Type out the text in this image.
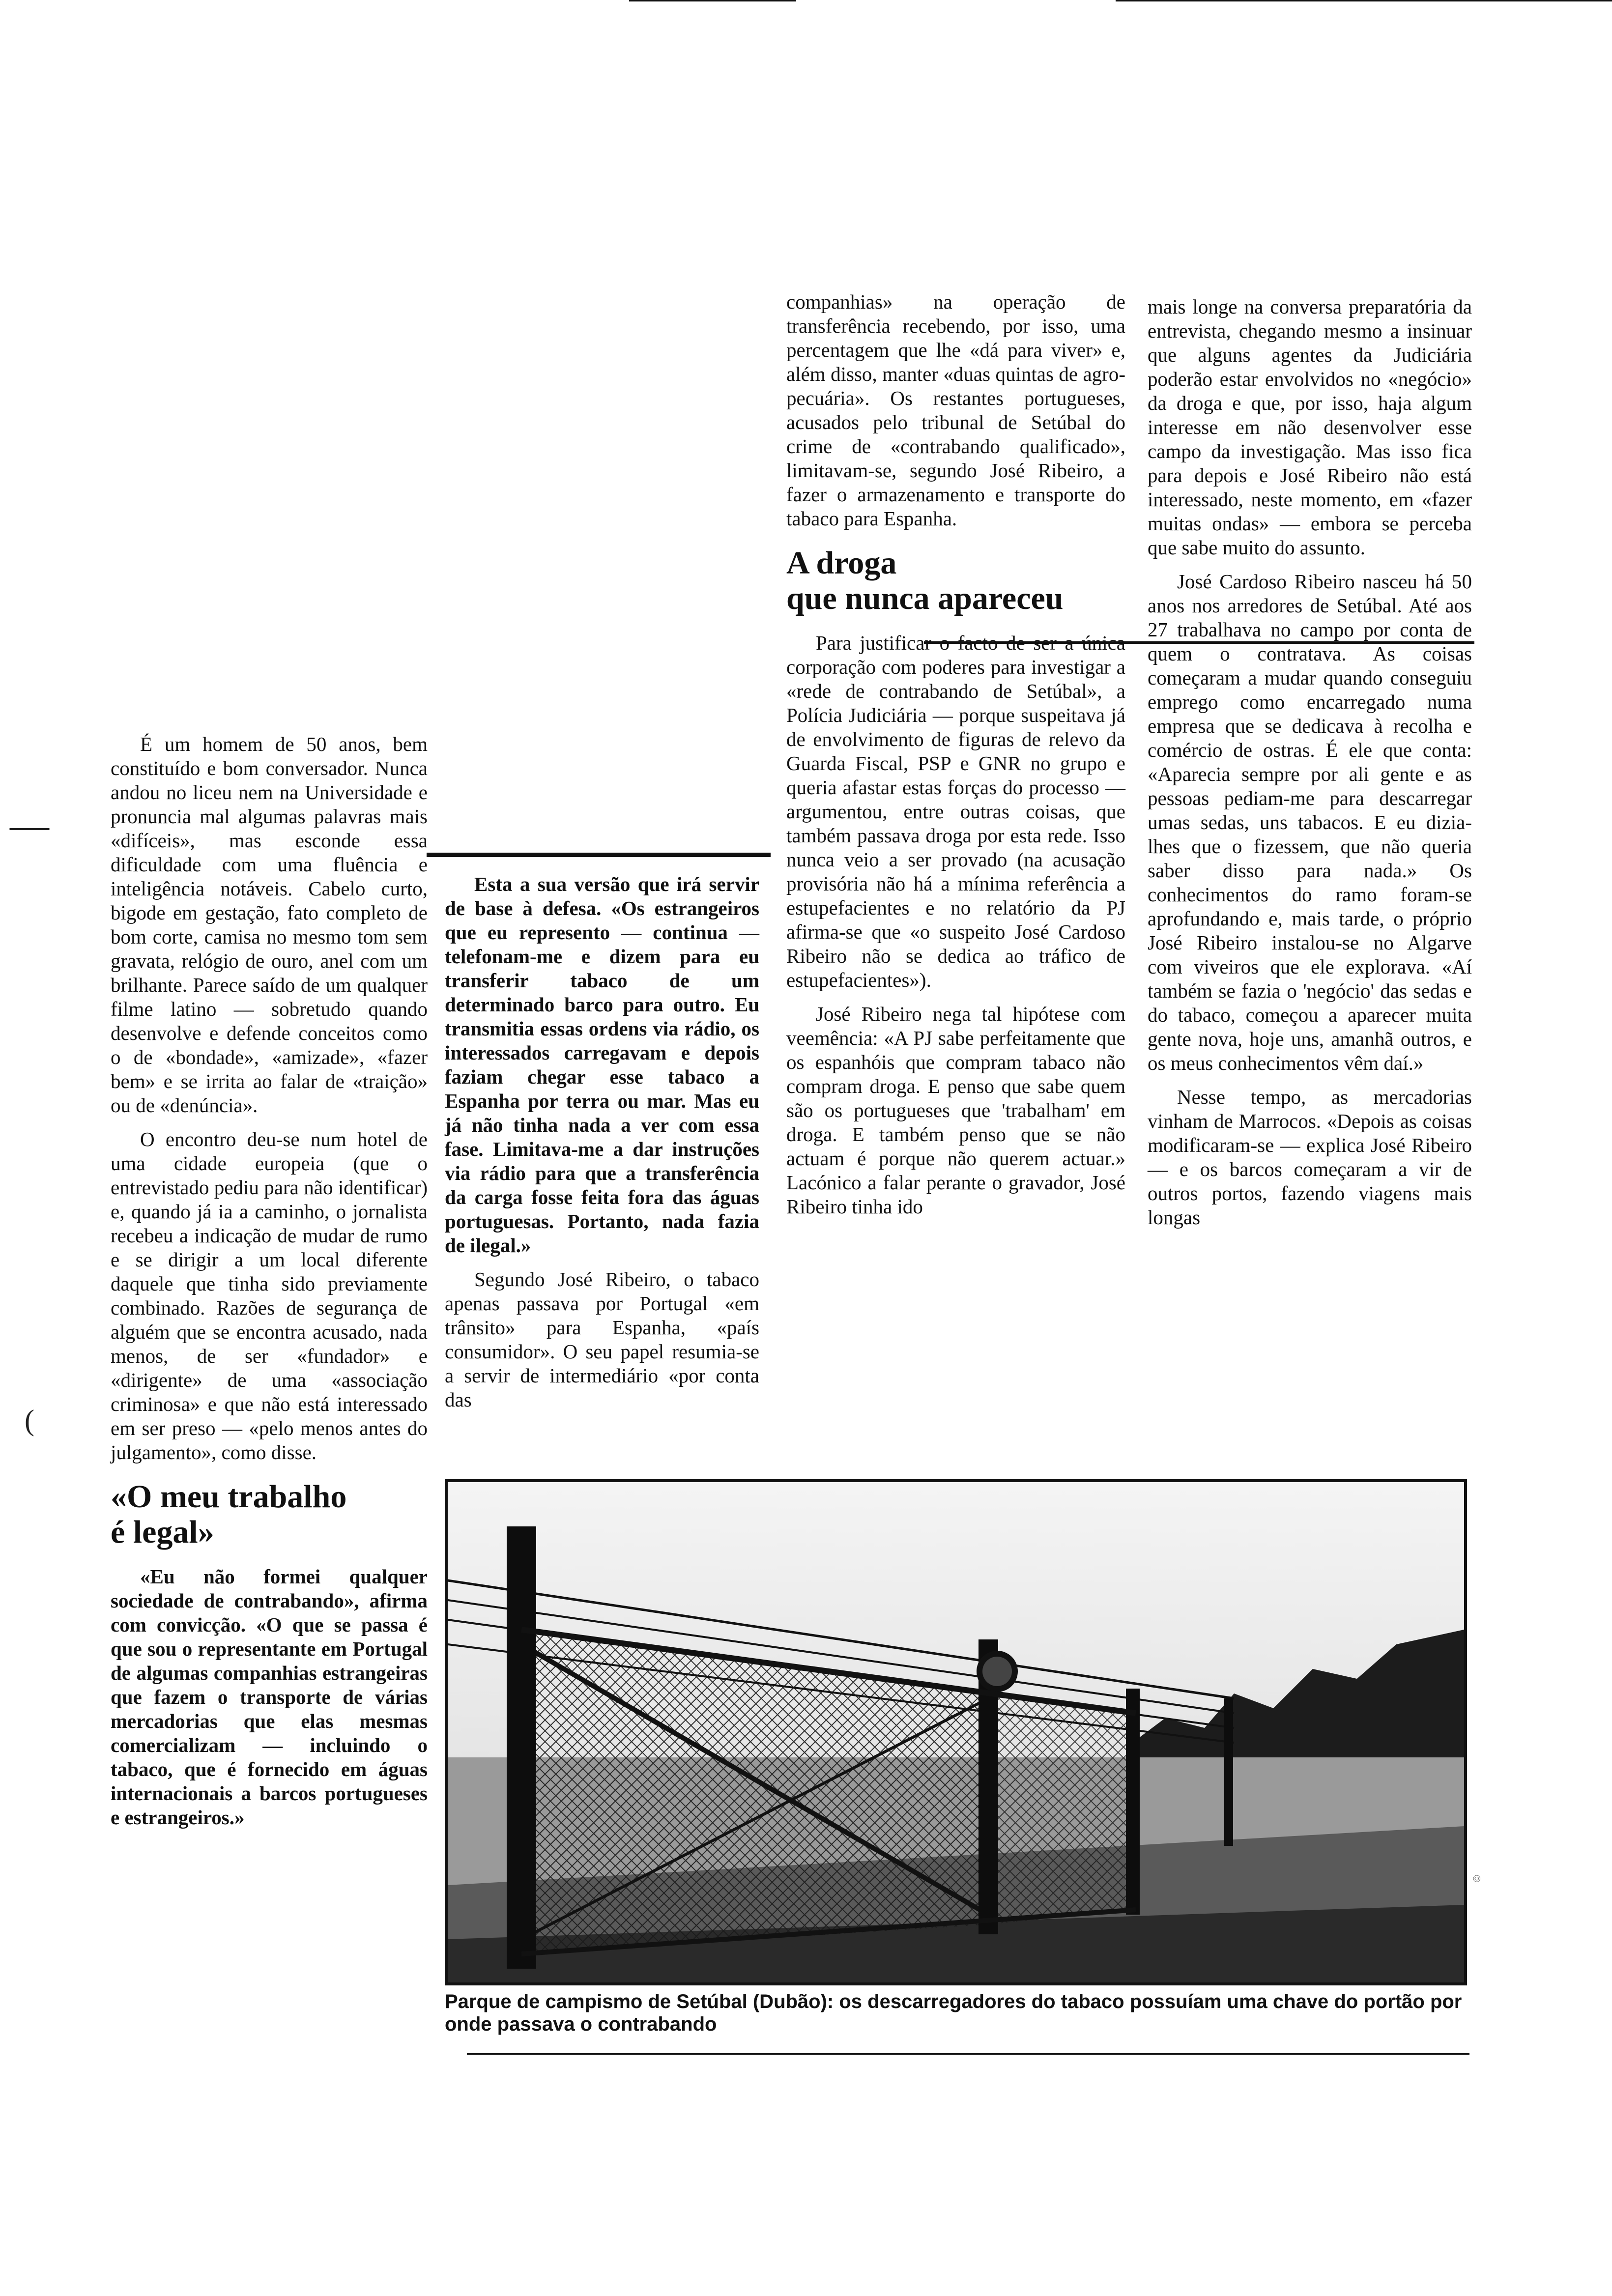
—
(

É um homem de 50 anos, bem constituído e bom conversador. Nunca andou no liceu nem na Universidade e pronuncia mal algumas palavras mais «difíceis», mas esconde essa dificuldade com uma fluência e inteligência notáveis. Cabelo curto, bigode em gestação, fato completo de bom corte, camisa no mesmo tom sem gravata, relógio de ouro, anel com um brilhante. Parece saído de um qualquer filme latino — sobretudo quando desenvolve e defende conceitos como o de «bondade», «amizade», «fazer bem» e se irrita ao falar de «traição» ou de «denúncia».

O encontro deu-se num hotel de uma cidade europeia (que o entrevistado pediu para não identificar) e, quando já ia a caminho, o jornalista recebeu a indicação de mudar de rumo e se dirigir a um local diferente daquele que tinha sido previamente combinado. Razões de segurança de alguém que se encontra acusado, nada menos, de ser «fundador» e «dirigente» de uma «associação criminosa» e que não está interessado em ser preso — «pelo menos antes do julgamento», como disse.

«O meu trabalho
é legal»

«Eu não formei qualquer sociedade de contrabando», afirma com convicção. «O que se passa é que sou o representante em Portugal de algumas companhias estrangeiras que fazem o transporte de várias mercadorias que elas mesmas comercializam — incluindo o tabaco, que é fornecido em águas internacionais a barcos portugueses e estrangeiros.»

Esta a sua versão que irá servir de base à defesa. «Os estrangeiros que eu represento — continua — telefonam-me e dizem para eu transferir tabaco de um determinado barco para outro. Eu transmitia essas ordens via rádio, os interessados carregavam e depois faziam chegar esse tabaco a Espanha por terra ou mar. Mas eu já não tinha nada a ver com essa fase. Limitava-me a dar instruções via rádio para que a transferência da carga fosse feita fora das águas portuguesas. Portanto, nada fazia de ilegal.»

Segundo José Ribeiro, o tabaco apenas passava por Portugal «em trânsito» para Espanha, «país consumidor». O seu papel resumia-se a servir de intermediário «por conta das

companhias» na operação de transferência recebendo, por isso, uma percentagem que lhe «dá para viver» e, além disso, manter «duas quintas de agro-pecuária». Os restantes portugueses, acusados pelo tribunal de Setúbal do crime de «contrabando qualificado», limitavam-se, segundo José Ribeiro, a fazer o armazenamento e transporte do tabaco para Espanha.

A droga
que nunca apareceu

Para justificar o facto de ser a única corporação com poderes para investigar a «rede de contrabando de Setúbal», a Polícia Judiciária — porque suspeitava já de envolvimento de figuras de relevo da Guarda Fiscal, PSP e GNR no grupo e queria afastar estas forças do processo — argumentou, entre outras coisas, que também passava droga por esta rede. Isso nunca veio a ser provado (na acusação provisória não há a mínima referência a estupefacientes e no relatório da PJ afirma-se que «o suspeito José Cardoso Ribeiro não se dedica ao tráfico de estupefacientes»).

José Ribeiro nega tal hipótese com veemência: «A PJ sabe perfeitamente que os espanhóis que compram tabaco não compram droga. E penso que sabe quem são os portugueses que 'trabalham' em droga. E também penso que se não actuam é porque não querem actuar.» Lacónico a falar perante o gravador, José Ribeiro tinha ido

mais longe na conversa preparatória da entrevista, chegando mesmo a insinuar que alguns agentes da Judiciária poderão estar envolvidos no «negócio» da droga e que, por isso, haja algum interesse em não desenvolver esse campo da investigação. Mas isso fica para depois e José Ribeiro não está interessado, neste momento, em «fazer muitas ondas» — embora se perceba que sabe muito do assunto.

José Cardoso Ribeiro nasceu há 50 anos nos arredores de Setúbal. Até aos 27 trabalhava no campo por conta de quem o contratava. As coisas começaram a mudar quando conseguiu emprego como encarregado numa empresa que se dedicava à recolha e comércio de ostras. É ele que conta: «Aparecia sempre por ali gente e as pessoas pediam-me para descarregar umas sedas, uns tabacos. E eu dizia-lhes que o fizessem, que não queria saber disso para nada.» Os conhecimentos do ramo foram-se aprofundando e, mais tarde, o próprio José Ribeiro instalou-se no Algarve com viveiros que ele explorava. «Aí também se fazia o 'negócio' das sedas e do tabaco, começou a aparecer muita gente nova, hoje uns, amanhã outros, e os meus conhecimentos vêm daí.»

Nesse tempo, as mercadorias vinham de Marrocos. «Depois as coisas modificaram-se — explica José Ribeiro — e os barcos começaram a vir de outros portos, fazendo viagens mais longas

©
Parque de campismo de Setúbal (Dubão): os descarregadores do tabaco possuíam uma chave do portão por onde passava o contrabando
